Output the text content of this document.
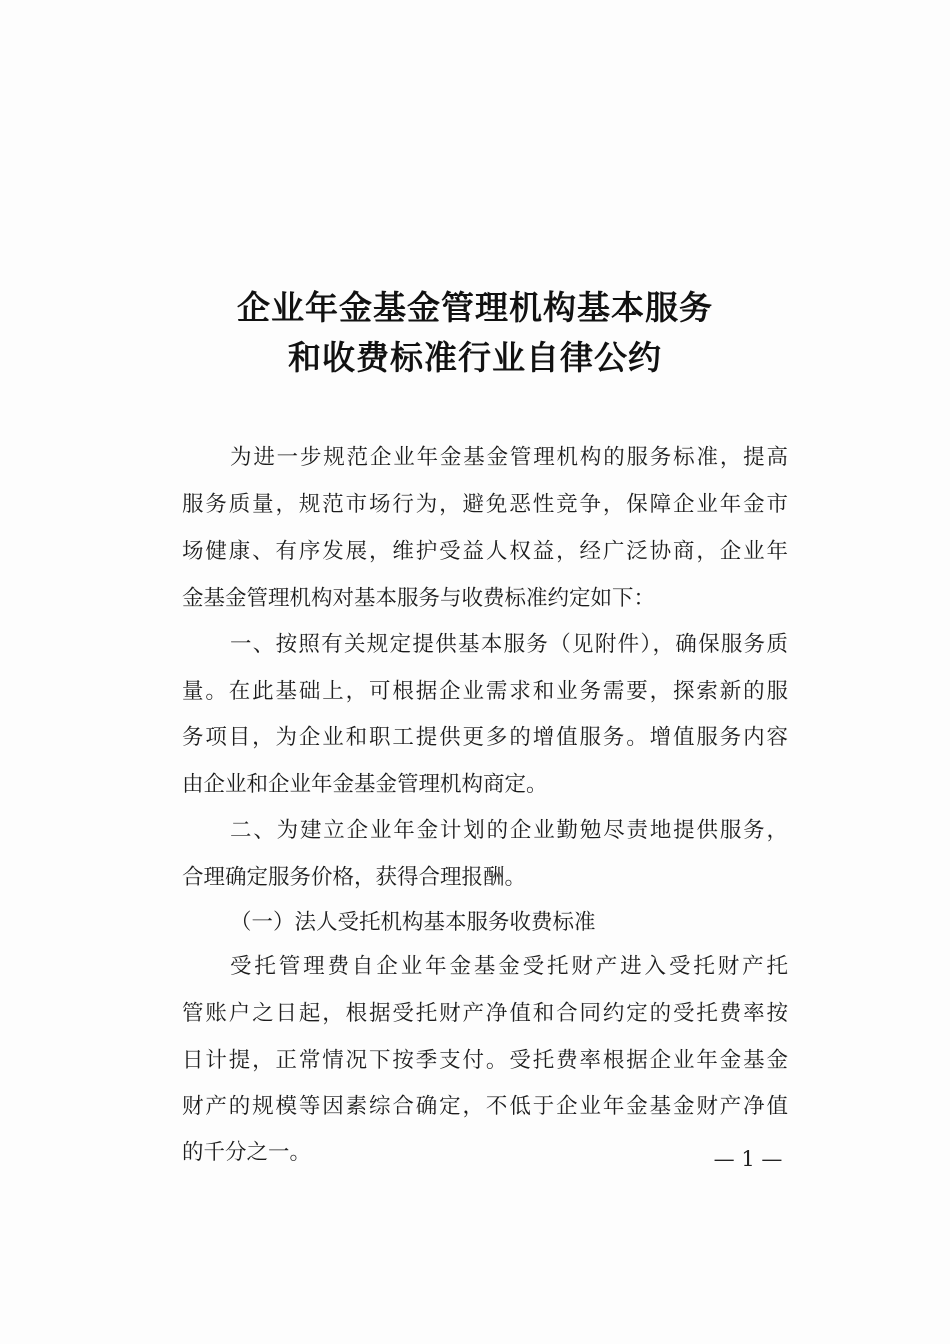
企业年金基金管理机构基本服务
和收费标准行业自律公约
为进一步规范企业年金基金管理机构的服务标准，提高
服务质量，规范市场行为，避免恶性竞争，保障企业年金市
场健康、有序发展，维护受益人权益，经广泛协商，企业年
金基金管理机构对基本服务与收费标准约定如下：
一、按照有关规定提供基本服务（见附件），确保服务质
量。在此基础上，可根据企业需求和业务需要，探索新的服
务项目，为企业和职工提供更多的增值服务。增值服务内容
由企业和企业年金基金管理机构商定。
二、为建立企业年金计划的企业勤勉尽责地提供服务，
合理确定服务价格，获得合理报酬。
（一）法人受托机构基本服务收费标准
受托管理费自企业年金基金受托财产进入受托财产托
管账户之日起，根据受托财产净值和合同约定的受托费率按
日计提，正常情况下按季支付。受托费率根据企业年金基金
财产的规模等因素综合确定，不低于企业年金基金财产净值
的千分之一。	— 1 —
